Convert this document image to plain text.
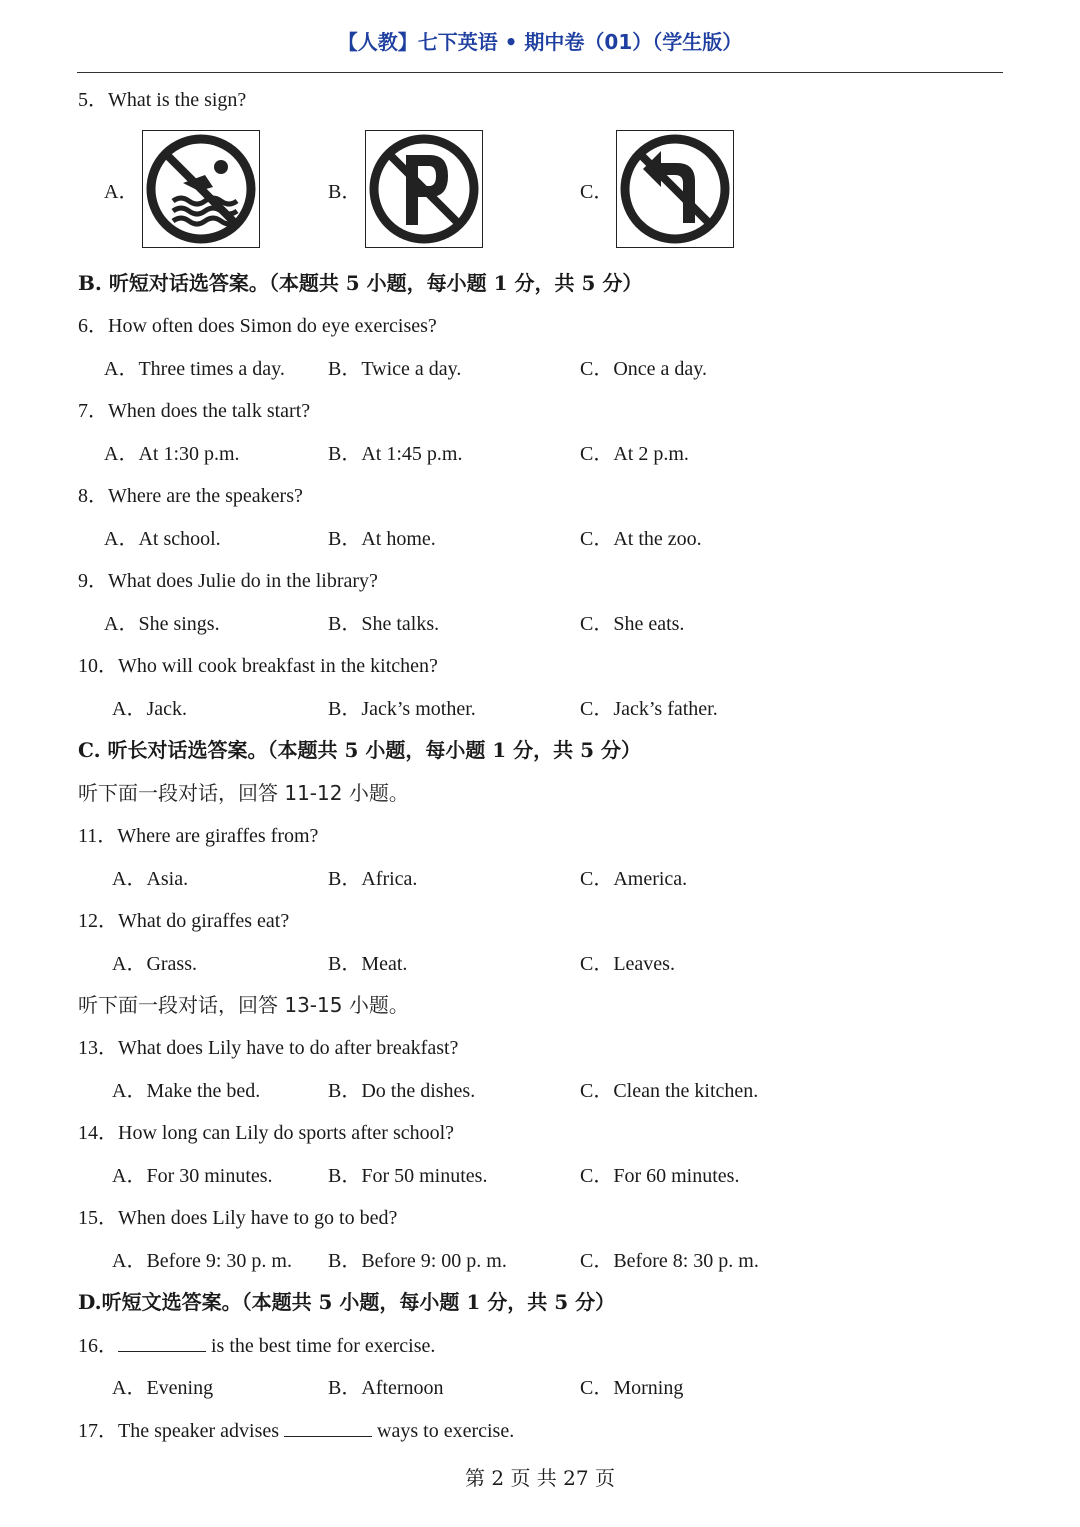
【人教】七下英语 • 期中卷（01）（学生版）
5．What is the sign?
A．	B．	C．
B. 听短对话选答案。（本题共 5 小题，每小题 1 分，共 5 分）
6．How often does Simon do eye exercises?
A．Three times a day. B．Twice a day.	C．Once a day.
7．When does the talk start?
A．At 1:30 p.m.	B．At 1:45 p.m.	C．At 2 p.m.
8．Where are the speakers?
A．At school.	B．At home.	C．At the zoo.
9．What does Julie do in the library?
A．She sings.	B．She talks.	C．She eats.
10．Who will cook breakfast in the kitchen?
A．Jack.	B．Jack’s mother.	C．Jack’s father.
C. 听长对话选答案。（本题共 5 小题，每小题 1 分，共 5 分）
听下面一段对话，回答 11-12 小题。
11．Where are giraffes from?
A．Asia.	B．Africa.	C．America.
12．What do giraffes eat?
A．Grass.	B．Meat.	C．Leaves.
听下面一段对话，回答 13-15 小题。
13．What does Lily have to do after breakfast?
A．Make the bed.	B．Do the dishes.	C．Clean the kitchen.
14．How long can Lily do sports after school?
A．For 30 minutes.	B．For 50 minutes.	C．For 60 minutes.
15．When does Lily have to go to bed?
A．Before 9: 30 p. m. B．Before 9: 00 p. m.	C．Before 8: 30 p. m.
D.听短文选答案。（本题共 5 小题，每小题 1 分，共 5 分）
16．	is the best time for exercise.
A．Evening	B．Afternoon	C．Morning
17．The speaker advises	ways to exercise.
第 2 页 共 27 页
